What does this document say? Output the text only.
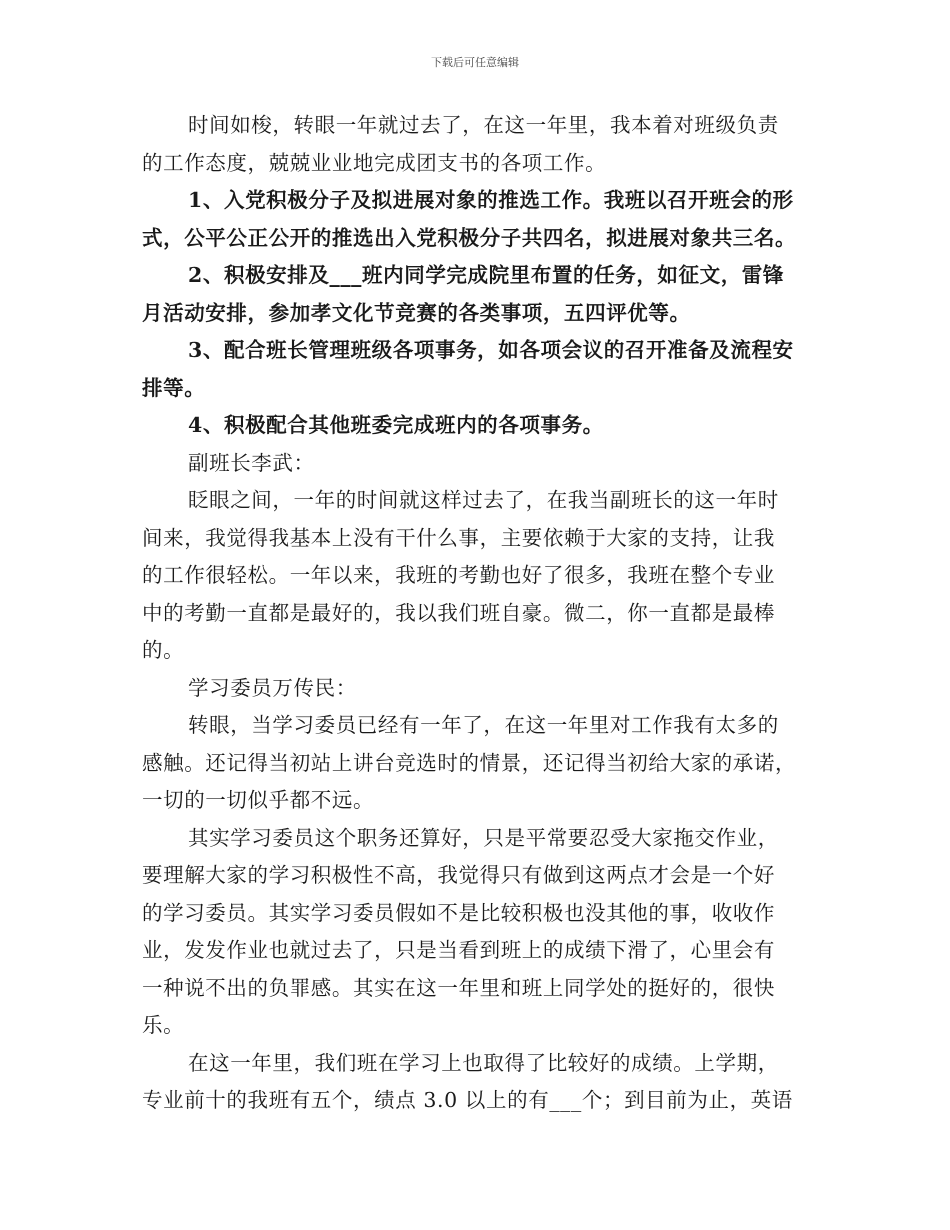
下载后可任意编辑
时间如梭，转眼一年就过去了，在这一年里，我本着对班级负责
的工作态度，兢兢业业地完成团支书的各项工作。
1、入党积极分子及拟进展对象的推选工作。我班以召开班会的形
式，公平公正公开的推选出入党积极分子共四名，拟进展对象共三名。
2、积极安排及___班内同学完成院里布置的任务，如征文，雷锋
月活动安排，参加孝文化节竞赛的各类事项，五四评优等。
3、配合班长管理班级各项事务，如各项会议的召开准备及流程安
排等。
4、积极配合其他班委完成班内的各项事务。
副班长李武：
眨眼之间，一年的时间就这样过去了，在我当副班长的这一年时
间来，我觉得我基本上没有干什么事，主要依赖于大家的支持，让我
的工作很轻松。一年以来，我班的考勤也好了很多，我班在整个专业
中的考勤一直都是最好的，我以我们班自豪。微二，你一直都是最棒
的。
学习委员万传民：
转眼，当学习委员已经有一年了，在这一年里对工作我有太多的
感触。还记得当初站上讲台竞选时的情景，还记得当初给大家的承诺，
一切的一切似乎都不远。
其实学习委员这个职务还算好，只是平常要忍受大家拖交作业，
要理解大家的学习积极性不高，我觉得只有做到这两点才会是一个好
的学习委员。其实学习委员假如不是比较积极也没其他的事，收收作
业，发发作业也就过去了，只是当看到班上的成绩下滑了，心里会有
一种说不出的负罪感。其实在这一年里和班上同学处的挺好的，很快
乐。
在这一年里，我们班在学习上也取得了比较好的成绩。上学期，
专业前十的我班有五个，绩点 3.0 以上的有___个；到目前为止，英语
